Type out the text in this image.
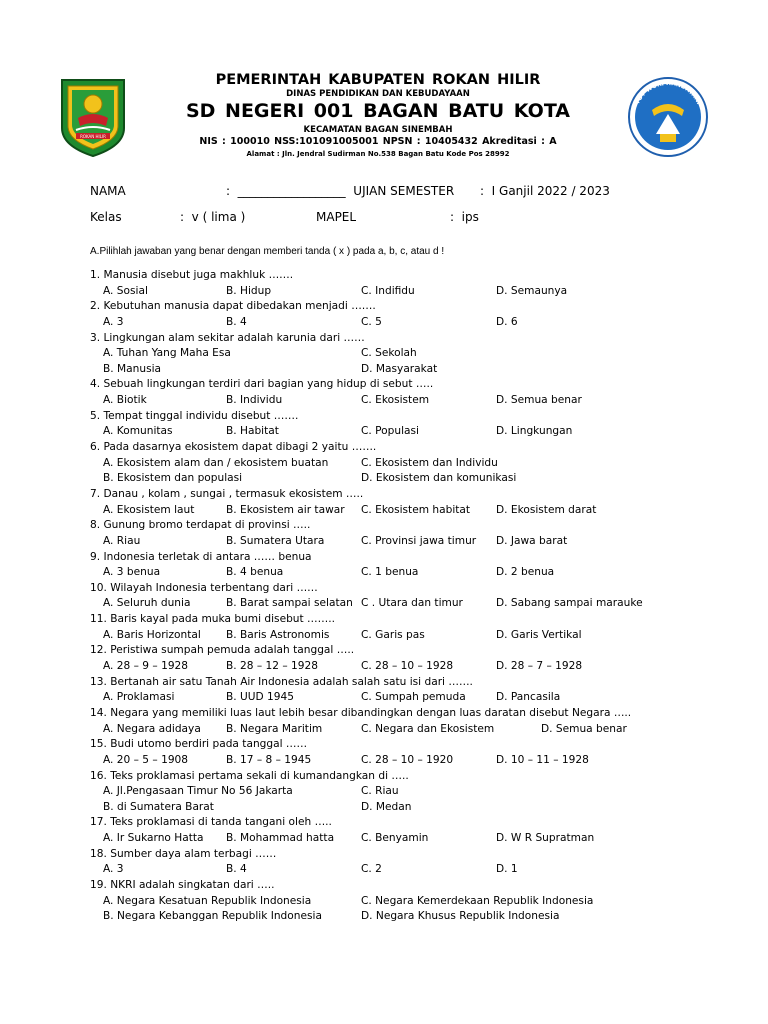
ROKAN HILIR
TUT WURI HANDAYANI
PEMERINTAH KABUPATEN ROKAN HILIR
DINAS PENDIDIKAN DAN KEBUDAYAAN
SD NEGERI 001 BAGAN BATU KOTA
KECAMATAN BAGAN SINEMBAH
NIS : 100010 NSS:101091005001 NPSN : 10405432 Akreditasi : A
Alamat : Jln. Jendral Sudirman No.538 Bagan Batu Kode Pos 28992
NAMA	:  __________________  UJIAN SEMESTER :  I Ganjil 2022 / 2023
Kelas	:  v ( lima )	MAPEL	:  ips
A.Pilihlah jawaban yang benar dengan memberi tanda ( x ) pada a, b, c, atau d !
1. Manusia disebut juga makhluk …….
A. Sosial	B. Hidup	C. Indifidu	D. Semaunya
2. Kebutuhan manusia dapat dibedakan menjadi …….
A. 3	B. 4	C. 5	D. 6
3. Lingkungan alam sekitar adalah karunia dari ……
A. Tuhan Yang Maha Esa	C. Sekolah
B. Manusia	D. Masyarakat
4. Sebuah lingkungan terdiri dari bagian yang hidup di sebut …..
A. Biotik	B. Individu	C. Ekosistem	D. Semua benar
5. Tempat tinggal individu disebut …….
A. Komunitas	B. Habitat	C. Populasi	D. Lingkungan
6. Pada dasarnya ekosistem dapat dibagi 2 yaitu …….
A. Ekosistem alam dan / ekosistem buatan	C. Ekosistem dan Individu
B. Ekosistem dan populasi	D. Ekosistem dan komunikasi
7. Danau , kolam , sungai , termasuk ekosistem …..
A. Ekosistem laut	B. Ekosistem air tawar C. Ekosistem habitat D. Ekosistem darat
8. Gunung bromo terdapat di provinsi …..
A. Riau	B. Sumatera Utara	C. Provinsi jawa timur D. Jawa barat
9. Indonesia terletak di antara …… benua
A. 3 benua	B. 4 benua	C. 1 benua	D. 2 benua
10. Wilayah Indonesia terbentang dari ……
A. Seluruh dunia	B. Barat sampai selatan C . Utara dan timur	D. Sabang sampai marauke
11. Baris kayal pada muka bumi disebut ……..
A. Baris Horizontal B. Baris Astronomis	C. Garis pas	D. Garis Vertikal
12. Peristiwa sumpah pemuda adalah tanggal …..
A. 28 – 9 – 1928	B. 28 – 12 – 1928	C. 28 – 10 – 1928	D. 28 – 7 – 1928
13. Bertanah air satu Tanah Air Indonesia adalah salah satu isi dari …….
A. Proklamasi	B. UUD 1945	C. Sumpah pemuda	D. Pancasila
14. Negara yang memiliki luas laut lebih besar dibandingkan dengan luas daratan disebut Negara …..
A. Negara adidaya B. Negara Maritim	C. Negara dan Ekosistem	D. Semua benar
15. Budi utomo berdiri pada tanggal ……
A. 20 – 5 – 1908	B. 17 – 8 – 1945	C. 28 – 10 – 1920	D. 10 – 11 – 1928
16. Teks proklamasi pertama sekali di kumandangkan di …..
A. Jl.Pengasaan Timur No 56 Jakarta	C. Riau
B. di Sumatera Barat	D. Medan
17. Teks proklamasi di tanda tangani oleh …..
A. Ir Sukarno Hatta B. Mohammad hatta	C. Benyamin	D. W R Supratman
18. Sumber daya alam terbagi ……
A. 3	B. 4	C. 2	D. 1
19. NKRI adalah singkatan dari …..
A. Negara Kesatuan Republik Indonesia	C. Negara Kemerdekaan Republik Indonesia
B. Negara Kebanggan Republik Indonesia	D. Negara Khusus Republik Indonesia
